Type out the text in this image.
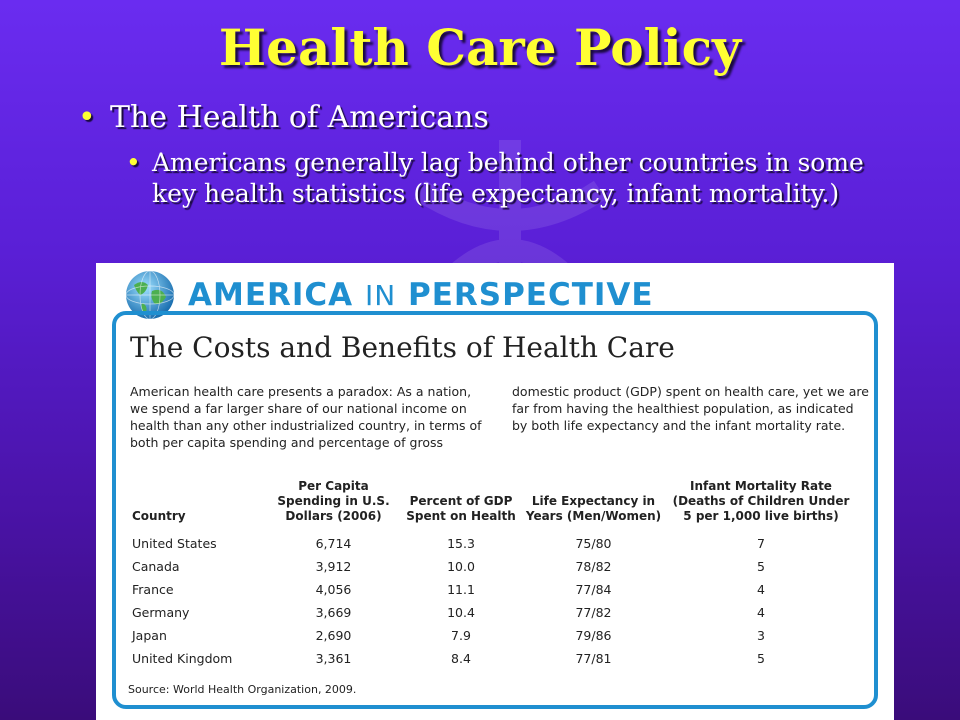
Health Care Policy
• The Health of Americans
• Americans generally lag behind other countries in some key health statistics (life expectancy, infant mortality.)
AMERICA IN PERSPECTIVE
The Costs and Benefits of Health Care
American health care presents a paradox: As a nation, we spend a far larger share of our national income on health than any other industrialized country, in terms of both per capita spending and percentage of gross
domestic product (GDP) spent on health care, yet we are far from having the healthiest population, as indicated by both life expectancy and the infant mortality rate.
Country	Per Capita Spending in U.S. Dollars (2006)	Percent of GDP Spent on Health	Life Expectancy in Years (Men/Women)	Infant Mortality Rate (Deaths of Children Under 5 per 1,000 live births)
United States	6,714	15.3	75/80	7
Canada	3,912	10.0	78/82	5
France	4,056	11.1	77/84	4
Germany	3,669	10.4	77/82	4
Japan	2,690	7.9	79/86	3
United Kingdom	3,361	8.4	77/81	5
Source: World Health Organization, 2009.
